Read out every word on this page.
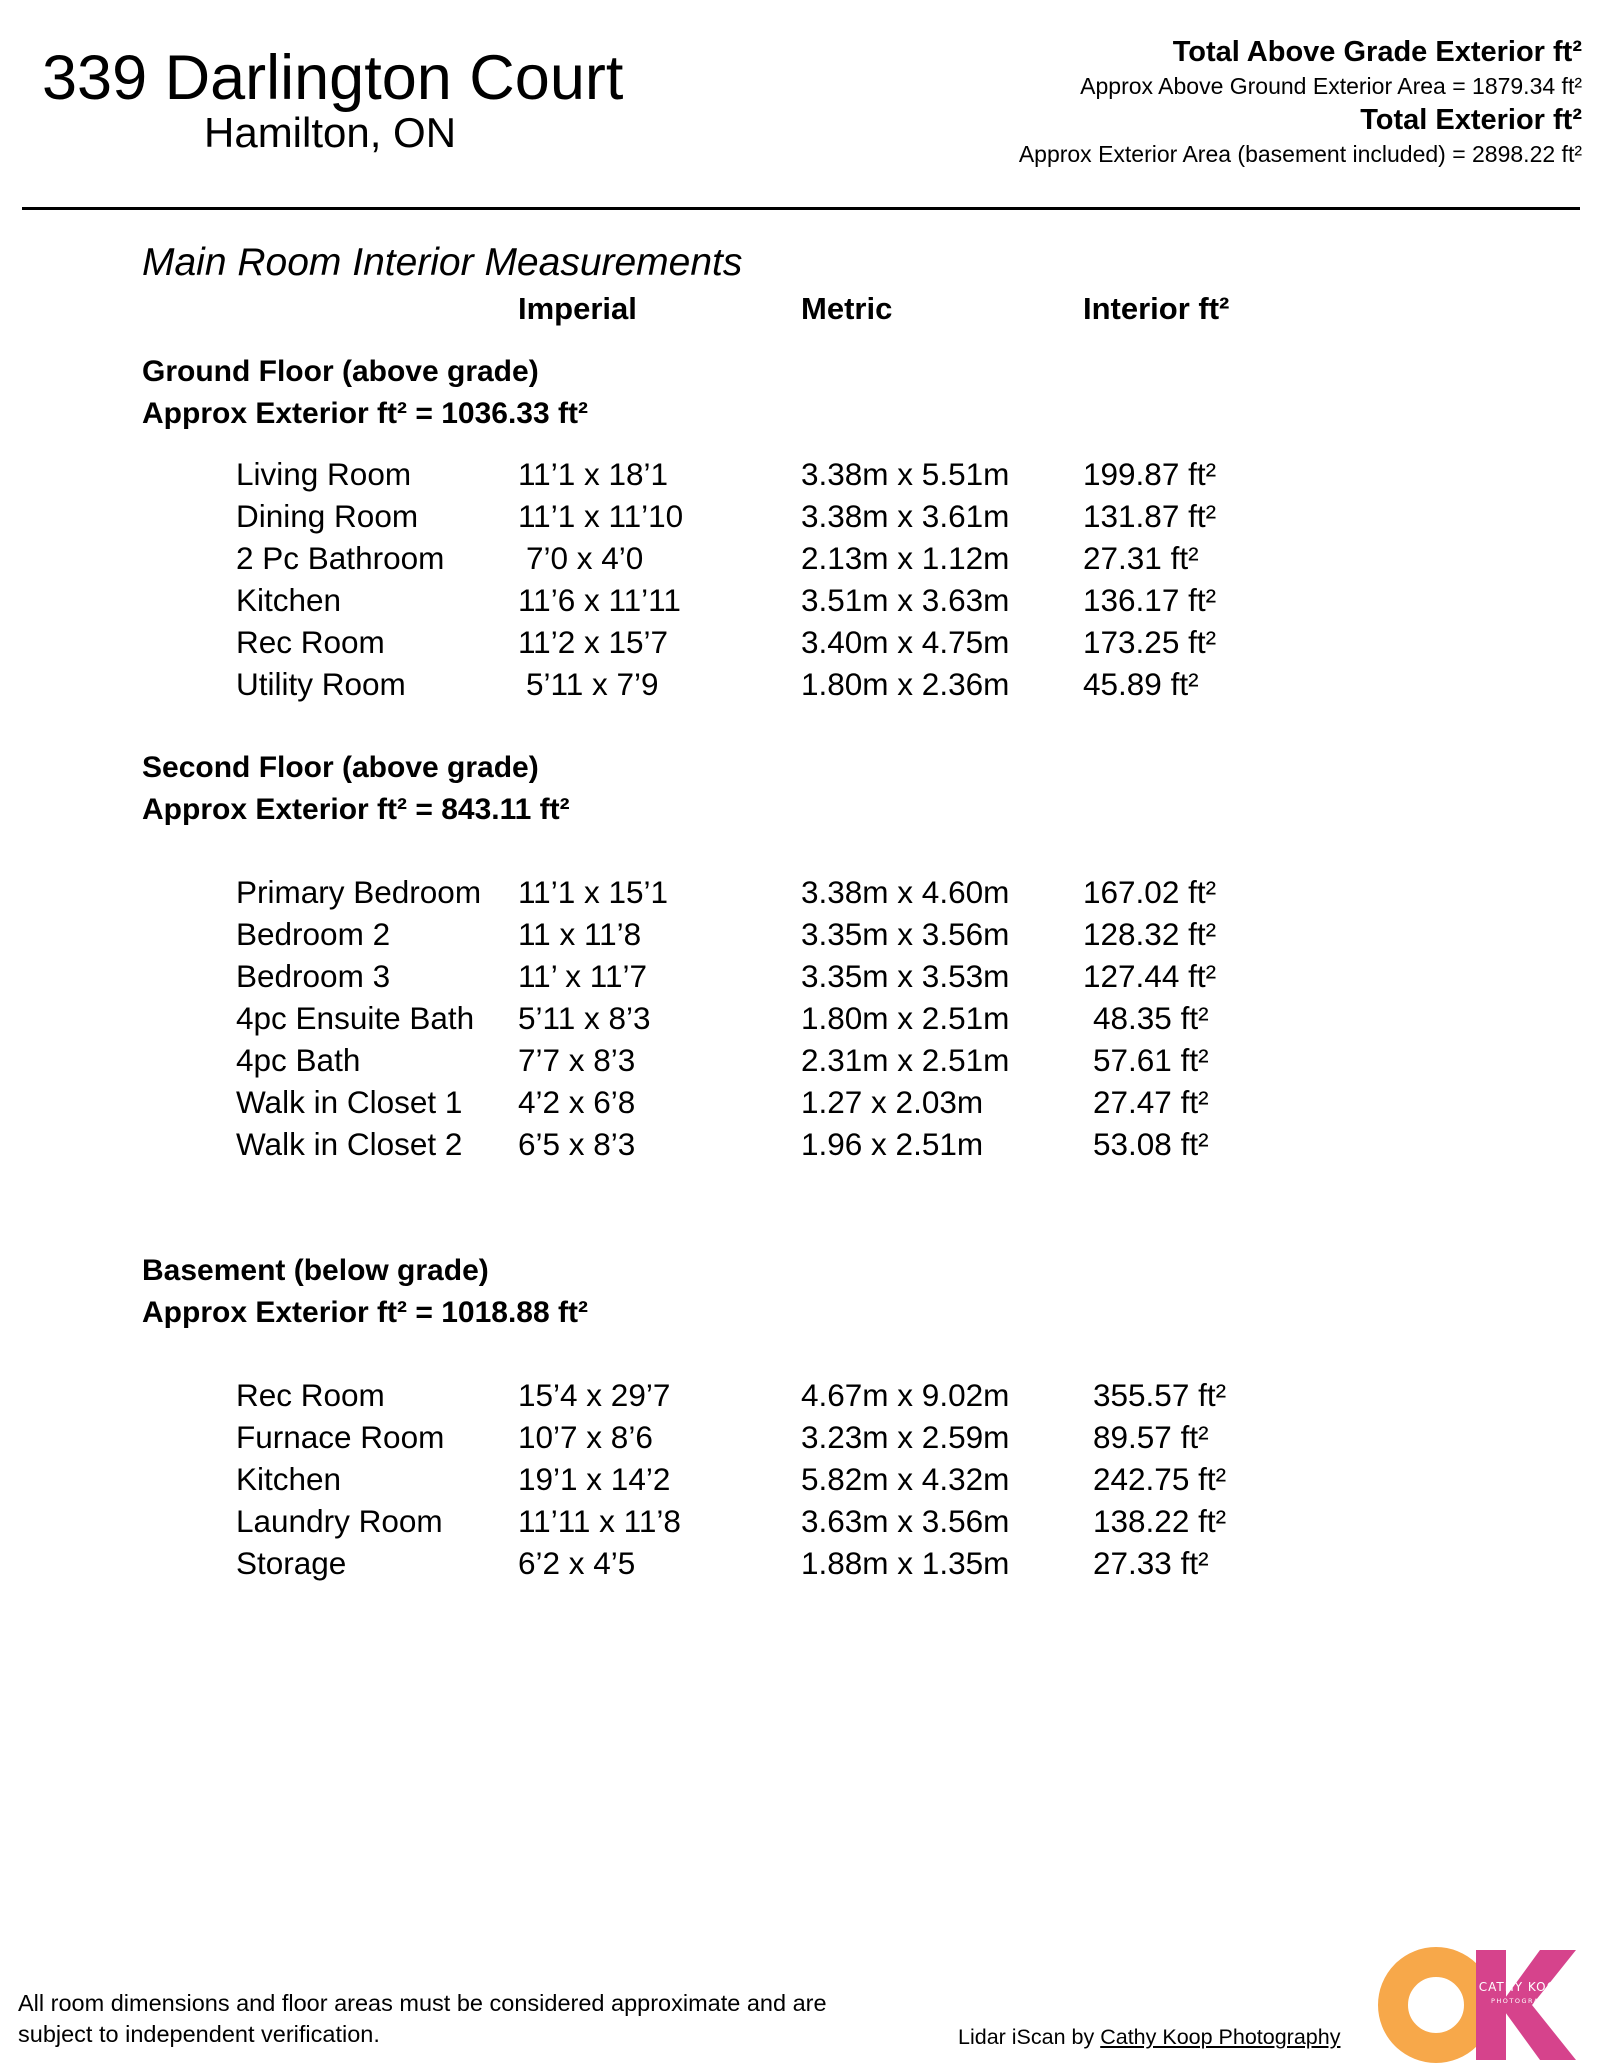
339 Darlington Court
Hamilton, ON
Total Above Grade Exterior ft²
Approx Above Ground Exterior Area = 1879.34 ft²
Total Exterior ft²
Approx Exterior Area (basement included) = 2898.22 ft²
Main Room Interior Measurements
Imperial	Metric	Interior ft²
Ground Floor (above grade)
Approx Exterior ft² = 1036.33 ft²
Living Room	11’1 x 18’1	3.38m x 5.51m 199.87 ft²
Dining Room	11’1 x 11’10	3.38m x 3.61m 131.87 ft²
2 Pc Bathroom	7’0 x 4’0	2.13m x 1.12m 27.31 ft²
Kitchen	11’6 x 11’11	3.51m x 3.63m 136.17 ft²
Rec Room	11’2 x 15’7	3.40m x 4.75m 173.25 ft²
Utility Room	5’11 x 7’9	1.80m x 2.36m 45.89 ft²
Second Floor (above grade)
Approx Exterior ft² = 843.11 ft²
Primary Bedroom 11’1 x 15’1	3.38m x 4.60m 167.02 ft²
Bedroom 2	11 x 11’8	3.35m x 3.56m 128.32 ft²
Bedroom 3	11’ x 11’7	3.35m x 3.53m 127.44 ft²
4pc Ensuite Bath 5’11 x 8’3	1.80m x 2.51m	48.35 ft²
4pc Bath	7’7 x 8’3	2.31m x 2.51m	57.61 ft²
Walk in Closet 1 4’2 x 6’8	1.27 x 2.03m	27.47 ft²
Walk in Closet 2 6’5 x 8’3	1.96 x 2.51m	53.08 ft²
Basement (below grade)
Approx Exterior ft² = 1018.88 ft²
Rec Room	15’4 x 29’7	4.67m x 9.02m	355.57 ft²
Furnace Room 10’7 x 8’6	3.23m x 2.59m	89.57 ft²
Kitchen	19’1 x 14’2	5.82m x 4.32m	242.75 ft²
Laundry Room 11’11 x 11’8	3.63m x 3.56m	138.22 ft²
Storage	6’2 x 4’5	1.88m x 1.35m	27.33 ft²
All room dimensions and floor areas must be considered approximate and are
subject to independent verification.	Lidar iScan by Cathy Koop Photography
CATHY KOOP
PHOTOGRAPHY
